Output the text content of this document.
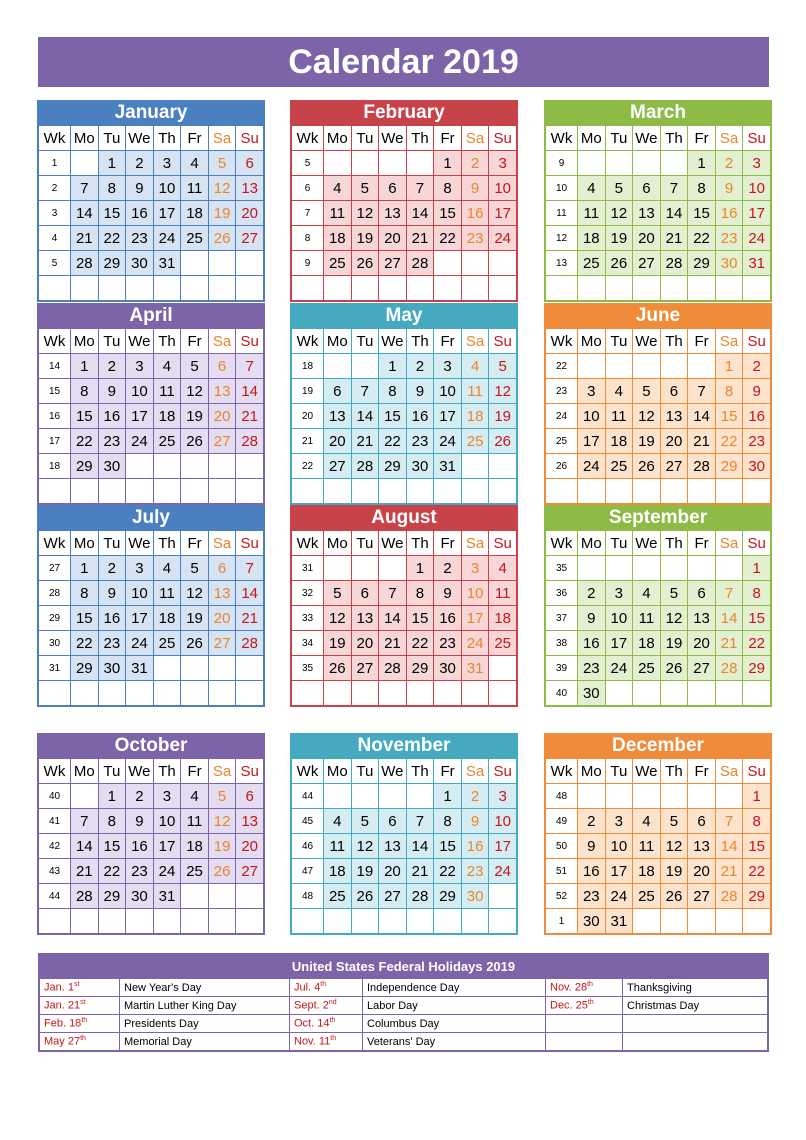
Calendar 2019
January
Wk	Mo	Tu	We	Th	Fr	Sa	Su
1		1	2	3	4	5	6
2	7	8	9	10	11	12	13
3	14	15	16	17	18	19	20
4	21	22	23	24	25	26	27
5	28	29	30	31			

February
Wk	Mo	Tu	We	Th	Fr	Sa	Su
5					1	2	3
6	4	5	6	7	8	9	10
7	11	12	13	14	15	16	17
8	18	19	20	21	22	23	24
9	25	26	27	28			

March
Wk	Mo	Tu	We	Th	Fr	Sa	Su
9					1	2	3
10	4	5	6	7	8	9	10
11	11	12	13	14	15	16	17
12	18	19	20	21	22	23	24
13	25	26	27	28	29	30	31

April
Wk	Mo	Tu	We	Th	Fr	Sa	Su
14	1	2	3	4	5	6	7
15	8	9	10	11	12	13	14
16	15	16	17	18	19	20	21
17	22	23	24	25	26	27	28
18	29	30					

May
Wk	Mo	Tu	We	Th	Fr	Sa	Su
18			1	2	3	4	5
19	6	7	8	9	10	11	12
20	13	14	15	16	17	18	19
21	20	21	22	23	24	25	26
22	27	28	29	30	31		

June
Wk	Mo	Tu	We	Th	Fr	Sa	Su
22						1	2
23	3	4	5	6	7	8	9
24	10	11	12	13	14	15	16
25	17	18	19	20	21	22	23
26	24	25	26	27	28	29	30

July
Wk	Mo	Tu	We	Th	Fr	Sa	Su
27	1	2	3	4	5	6	7
28	8	9	10	11	12	13	14
29	15	16	17	18	19	20	21
30	22	23	24	25	26	27	28
31	29	30	31				

August
Wk	Mo	Tu	We	Th	Fr	Sa	Su
31				1	2	3	4
32	5	6	7	8	9	10	11
33	12	13	14	15	16	17	18
34	19	20	21	22	23	24	25
35	26	27	28	29	30	31	

September
Wk	Mo	Tu	We	Th	Fr	Sa	Su
35							1
36	2	3	4	5	6	7	8
37	9	10	11	12	13	14	15
38	16	17	18	19	20	21	22
39	23	24	25	26	27	28	29
40	30						
October
Wk	Mo	Tu	We	Th	Fr	Sa	Su
40		1	2	3	4	5	6
41	7	8	9	10	11	12	13
42	14	15	16	17	18	19	20
43	21	22	23	24	25	26	27
44	28	29	30	31			

November
Wk	Mo	Tu	We	Th	Fr	Sa	Su
44					1	2	3
45	4	5	6	7	8	9	10
46	11	12	13	14	15	16	17
47	18	19	20	21	22	23	24
48	25	26	27	28	29	30	

December
Wk	Mo	Tu	We	Th	Fr	Sa	Su
48							1
49	2	3	4	5	6	7	8
50	9	10	11	12	13	14	15
51	16	17	18	19	20	21	22
52	23	24	25	26	27	28	29
1	30	31					
United States Federal Holidays 2019
Jan. 1st	New Year's Day	Jul. 4th	Independence Day	Nov. 28th	Thanksgiving
Jan. 21st	Martin Luther King Day	Sept. 2nd	Labor Day	Dec. 25th	Christmas Day
Feb. 18th	Presidents Day	Oct. 14th	Columbus Day		
May 27th	Memorial Day	Nov. 11th	Veterans' Day		
